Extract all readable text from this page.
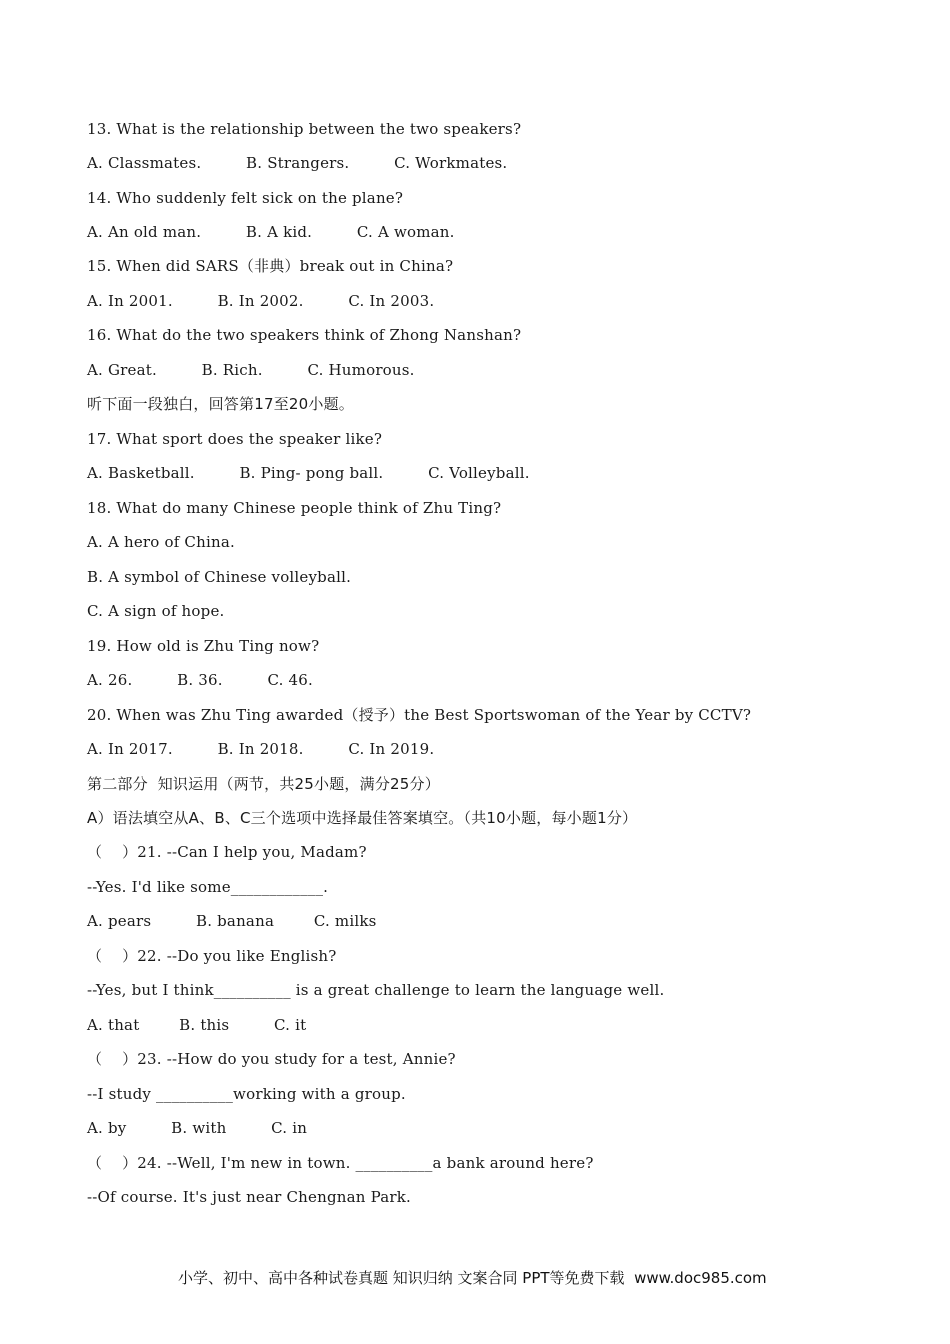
13. What is the relationship between the two speakers?
A. Classmates.         B. Strangers.         C. Workmates.
14. Who suddenly felt sick on the plane?
A. An old man.         B. A kid.         C. A woman.
15. When did SARS（非典）break out in China?
A. In 2001.         B. In 2002.         C. In 2003.
16. What do the two speakers think of Zhong Nanshan?
A. Great.         B. Rich.         C. Humorous.
听下面一段独白，回答第17至20小题。
17. What sport does the speaker like?
A. Basketball.         B. Ping- pong ball.         C. Volleyball.
18. What do many Chinese people think of Zhu Ting?
A. A hero of China.
B. A symbol of Chinese volleyball.
C. A sign of hope.
19. How old is Zhu Ting now?
A. 26.         B. 36.         C. 46.
20. When was Zhu Ting awarded（授予）the Best Sportswoman of the Year by CCTV?
A. In 2017.         B. In 2018.         C. In 2019.
第二部分  知识运用（两节，共25小题，满分25分）
A）语法填空从A、B、C三个选项中选择最佳答案填空。（共10小题，每小题1分）
（    ）21. --Can I help you, Madam?
--Yes. I'd like some____________.
A. pears         B. banana        C. milks
（    ）22. --Do you like English?
--Yes, but I think__________ is a great challenge to learn the language well.
A. that        B. this         C. it
（    ）23. --How do you study for a test, Annie?
--I study __________working with a group.
A. by         B. with         C. in
（    ）24. --Well, I'm new in town. __________a bank around here?
--Of course. It's just near Chengnan Park.
小学、初中、高中各种试卷真题 知识归纳 文案合同 PPT等免费下载  www.doc985.com
